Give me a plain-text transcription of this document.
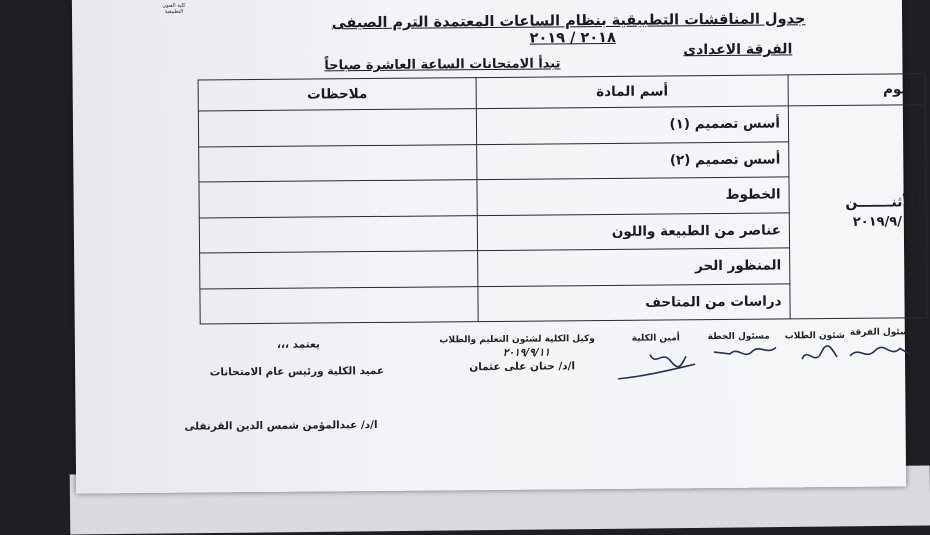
كلية الفنون التطبيقية	جدول المناقشات التطبيقية بنظام الساعات المعتمدة الترم الصيفى
٢٠١٨ / ٢٠١٩
الفرقة الاعدادى
تبدأ الامتحانات الساعة العاشرة صباحاً
اليوم	أسم المادة	ملاحظات

الأثنـــــــن
٢٠١٩/٩/١٦	أسس تصميم (١)	
	أسس تصميم (٢)	
	الخطوط	
	عناصر من الطبيعة واللون	
	المنظور الحر	
	دراسات من المتاحف	
مسئول الفرقة
شئون الطلاب
مسئول الخطة
أمين الكلية
وكيل الكلية لشئون التعليم والطلاب
٢٠١٩/٩/١١
ا/د/ حنان على عثمان
يعتمد ،،،
عميد الكلية ورئيس عام الامتحانات
ا/د/ عبدالمؤمن شمس الدين القرنفلى
